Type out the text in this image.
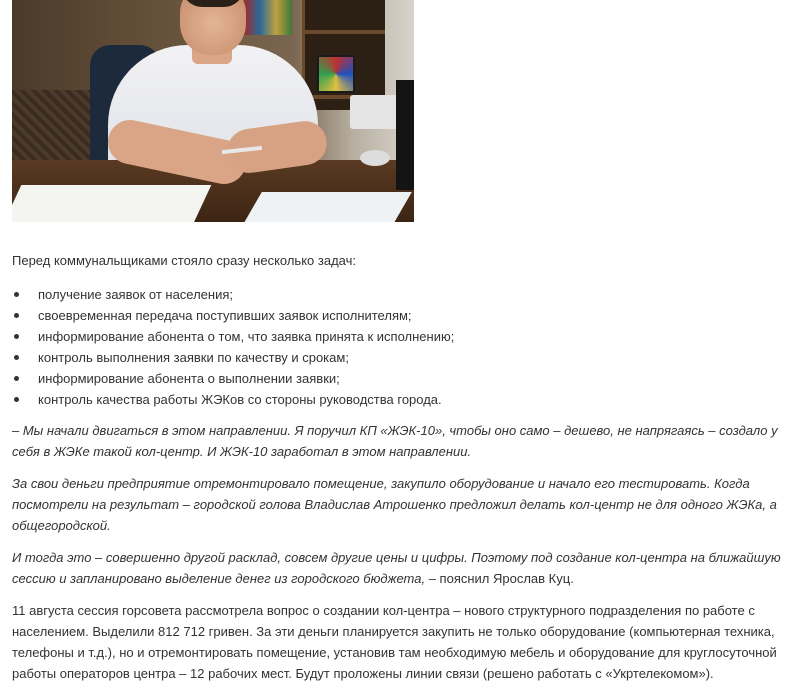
Перед коммунальщиками стояло сразу несколько задач:

получение заявок от населения;
своевременная передача поступивших заявок исполнителям;
информирование абонента о том, что заявка принята к исполнению;
контроль выполнения заявки по качеству и срокам;
информирование абонента о выполнении заявки;
контроль качества работы ЖЭКов со стороны руководства города.

– Мы начали двигаться в этом направлении. Я поручил КП «ЖЭК-10», чтобы оно само – дешево, не напрягаясь – создало у себя в ЖЭКе такой кол-центр. И ЖЭК-10 заработал в этом направлении.

За свои деньги предприятие отремонтировало помещение, закупило оборудование и начало его тестировать. Когда посмотрели на результат – городской голова Владислав Атрошенко предложил делать кол-центр не для одного ЖЭКа, а общегородской.

И тогда это – совершенно другой расклад, совсем другие цены и цифры. Поэтому под создание кол-центра на ближайшую сессию и запланировано выделение денег из городского бюджета, – пояснил Ярослав Куц.

11 августа сессия горсовета рассмотрела вопрос о создании кол-центра – нового структурного подразделения по работе с населением. Выделили 812 712 гривен. За эти деньги планируется закупить не только оборудование (компьютерная техника, телефоны и т.д.), но и отремонтировать помещение, установив там необходимую мебель и оборудование для круглосуточной работы операторов центра – 12 рабочих мест. Будут проложены линии связи (решено работать с «Укртелекомом»).
